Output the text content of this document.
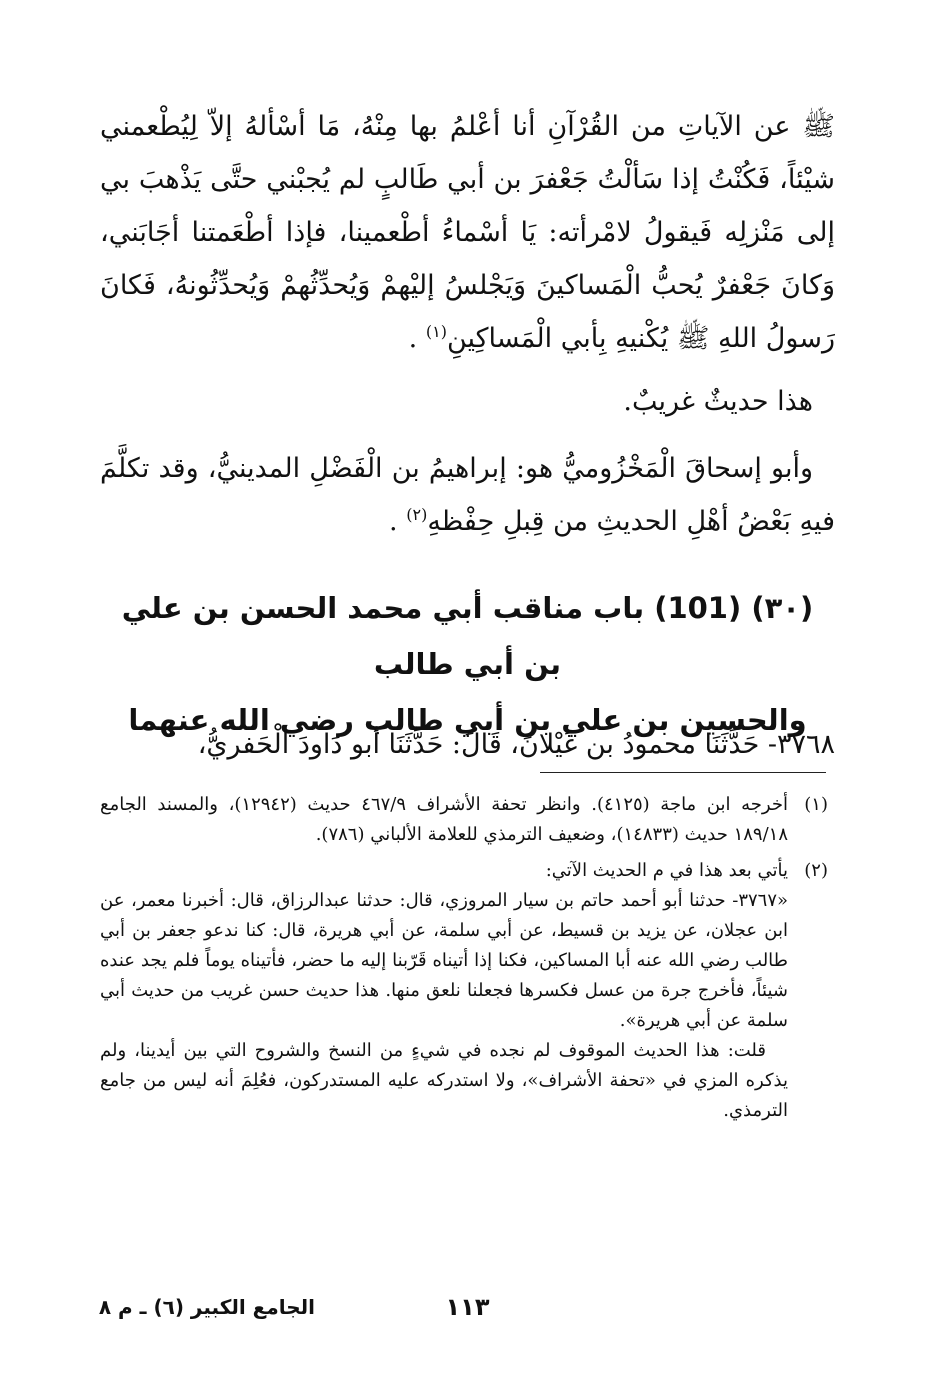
ﷺ عن الآياتِ من القُرْآنِ أنا أعْلمُ بها مِنْهُ، مَا أسْألهُ إلاّ لِيُطْعمني شيْئاً، فَكُنْتُ إذا سَألْتُ جَعْفرَ بن أبي طَالبٍ لم يُجبْني حتَّى يَذْهبَ بي إلى مَنْزلِه فَيقولُ لامْرأته: يَا أسْماءُ أطْعمينا، فإذا أطْعَمتنا أجَابَني، وَكانَ جَعْفرٌ يُحبُّ الْمَساكينَ وَيَجْلسُ إليْهمْ وَيُحدِّثُهمْ وَيُحدِّثُونهُ، فَكانَ رَسولُ اللهِ ﷺ يُكْنيهِ بِأبي الْمَساكِينِ$^{(١)}$ .

هذا حديثٌ غريبٌ.

وأبو إسحاقَ الْمَخْزُوميُّ هو: إبراهيمُ بن الْفَضْلِ المدينيُّ، وقد تكلَّمَ فيهِ بَعْضُ أهْلِ الحديثِ من قِبلِ حِفْظهِ$^{(٢)}$ .

(٣٠) (101) باب مناقب أبي محمد الحسن بن علي بن أبي طالب
والحسين بن علي بن أبي طالب رضي الله عنهما
٣٧٦٨- حَدَّثَنَا محمودُ بن غَيْلانَ، قَالَ: حَدَّثَنَا أبو دَاودَ الْحَفريُّ،
(١)

أخرجه ابن ماجة (٤١٢٥). وانظر تحفة الأشراف ٤٦٧/٩ حديث (١٢٩٤٢)، والمسند الجامع ١٨٩/١٨ حديث (١٤٨٣٣)، وضعيف الترمذي للعلامة الألباني (٧٨٦).

(٢)

يأتي بعد هذا في م الحديث الآتي:

«٣٧٦٧- حدثنا أبو أحمد حاتم بن سيار المروزي، قال: حدثنا عبدالرزاق، قال: أخبرنا معمر، عن ابن عجلان، عن يزيد بن قسيط، عن أبي سلمة، عن أبي هريرة، قال: كنا ندعو جعفر بن أبي طالب رضي الله عنه أبا المساكين، فكنا إذا أتيناه قَرّبنا إليه ما حضر، فأتيناه يوماً فلم يجد عنده شيئاً، فأخرج جرة من عسل فكسرها فجعلنا نلعق منها. هذا حديث حسن غريب من حديث أبي سلمة عن أبي هريرة».

قلت: هذا الحديث الموقوف لم نجده في شيءٍ من النسخ والشروح التي بين أيدينا، ولم يذكره المزي في «تحفة الأشراف»، ولا استدركه عليه المستدركون، فعُلِمَ أنه ليس من جامع الترمذي.

١١٣
الجامع الكبير (٦) ـ م ٨
